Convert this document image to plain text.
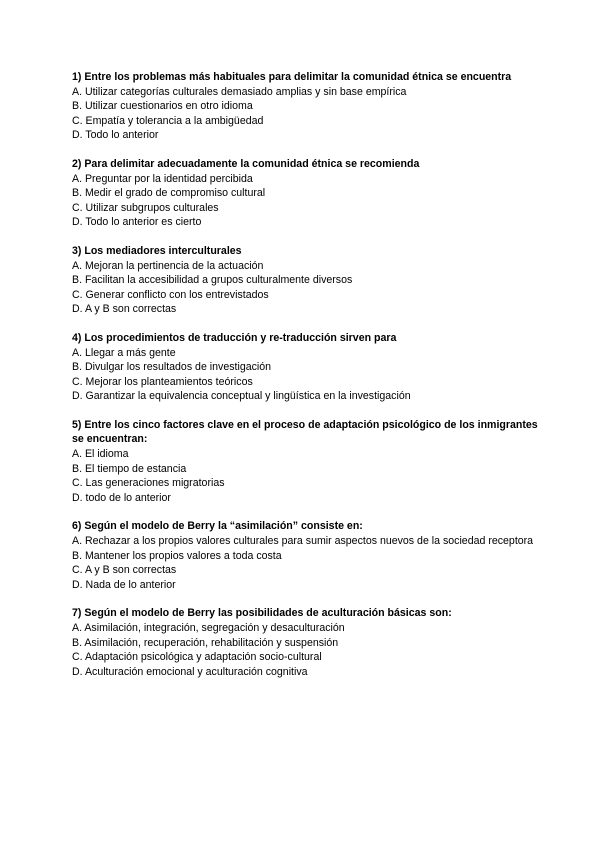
1) Entre los problemas más habituales para delimitar la comunidad étnica se encuentra

A. Utilizar categorías culturales demasiado amplias y sin base empírica

B. Utilizar cuestionarios en otro idioma

C. Empatía y tolerancia a la ambigüedad

D. Todo lo anterior

2) Para delimitar adecuadamente la comunidad étnica se recomienda

A. Preguntar por la identidad percibida

B. Medir el grado de compromiso cultural

C. Utilizar subgrupos culturales

D. Todo lo anterior es cierto

3) Los mediadores interculturales

A. Mejoran la pertinencia de la actuación

B. Facilitan la accesibilidad a grupos culturalmente diversos

C. Generar conflicto con los entrevistados

D. A y B son correctas

4) Los procedimientos de traducción y re-traducción sirven para

A. Llegar a más gente

B. Divulgar los resultados de investigación

C. Mejorar los planteamientos teóricos

D. Garantizar la equivalencia conceptual y lingüística en la investigación

5) Entre los cinco factores clave en el proceso de adaptación psicológico de los inmigrantes se encuentran:

A. El idioma

B. El tiempo de estancia

C. Las generaciones migratorias

D. todo de lo anterior

6) Según el modelo de Berry la “asimilación” consiste en:

A. Rechazar a los propios valores culturales para sumir aspectos nuevos de la sociedad receptora

B. Mantener los propios valores a toda costa

C. A y B son correctas

D. Nada de lo anterior

7) Según el modelo de Berry las posibilidades de aculturación básicas son:

A. Asimilación, integración, segregación y desaculturación

B. Asimilación, recuperación, rehabilitación y suspensión

C. Adaptación psicológica y adaptación socio-cultural

D. Aculturación emocional y aculturación cognitiva
